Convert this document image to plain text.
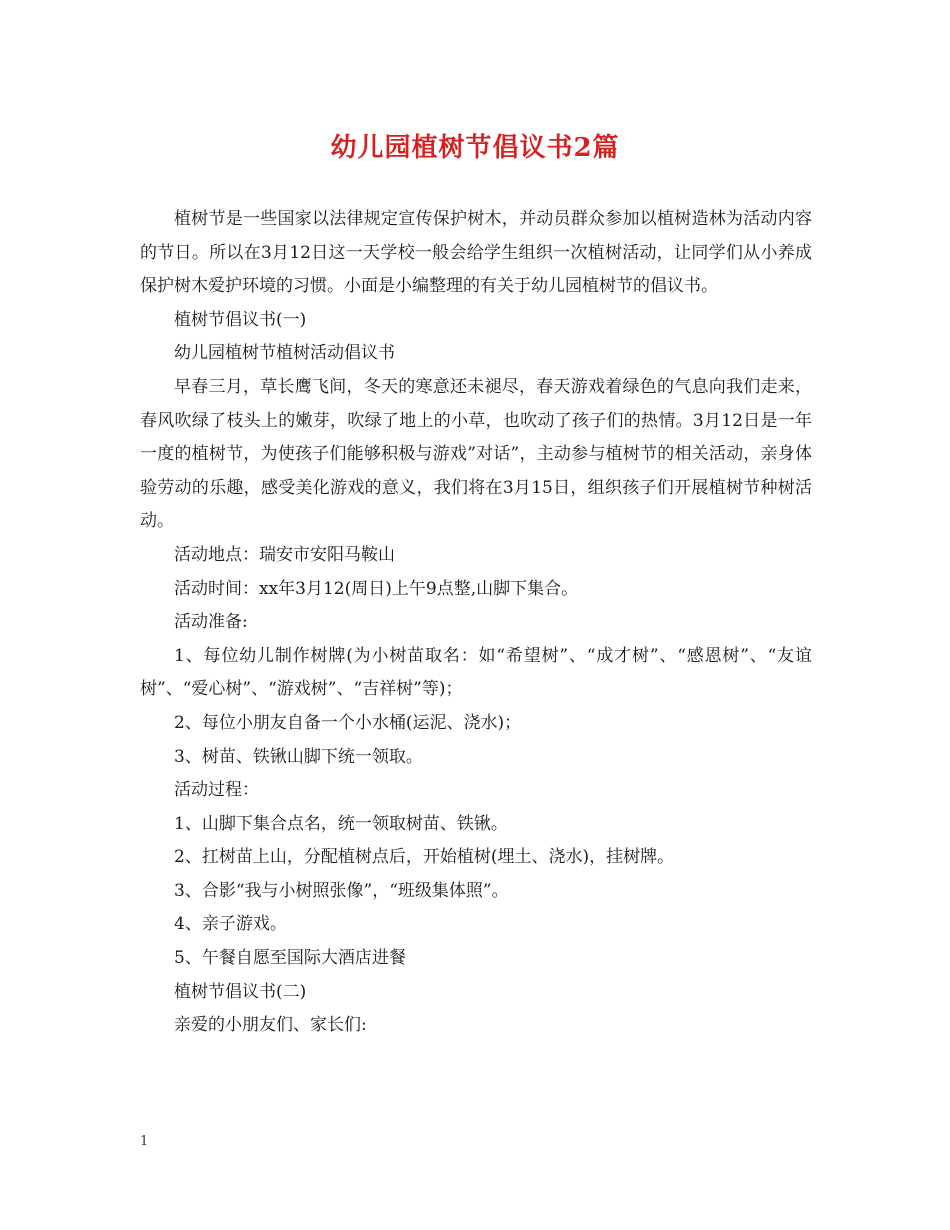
幼儿园植树节倡议书2篇

植树节是一些国家以法律规定宣传保护树木，并动员群众参加以植树造林为活动内容的节日。所以在3月12日这一天学校一般会给学生组织一次植树活动，让同学们从小养成保护树木爱护环境的习惯。小面是小编整理的有关于幼儿园植树节的倡议书。

植树节倡议书(一)

幼儿园植树节植树活动倡议书

早春三月，草长鹰飞间，冬天的寒意还未褪尽，春天游戏着绿色的气息向我们走来，春风吹绿了枝头上的嫩芽，吹绿了地上的小草，也吹动了孩子们的热情。3月12日是一年一度的植树节，为使孩子们能够积极与游戏”对话”，主动参与植树节的相关活动，亲身体验劳动的乐趣，感受美化游戏的意义，我们将在3月15日，组织孩子们开展植树节种树活动。

活动地点：瑞安市安阳马鞍山

活动时间：xx年3月12(周日)上午9点整,山脚下集合。

活动准备:

1、每位幼儿制作树牌(为小树苗取名：如“希望树”、“成才树”、“感恩树”、“友谊树”、“爱心树”、“游戏树”、“吉祥树”等)；

2、每位小朋友自备一个小水桶(运泥、浇水)；

3、树苗、铁锹山脚下统一领取。

活动过程：

1、山脚下集合点名，统一领取树苗、铁锹。

2、扛树苗上山，分配植树点后，开始植树(埋土、浇水)，挂树牌。

3、合影“我与小树照张像”，“班级集体照”。

4、亲子游戏。

5、午餐自愿至国际大酒店进餐

植树节倡议书(二)

亲爱的小朋友们、家长们:

1
